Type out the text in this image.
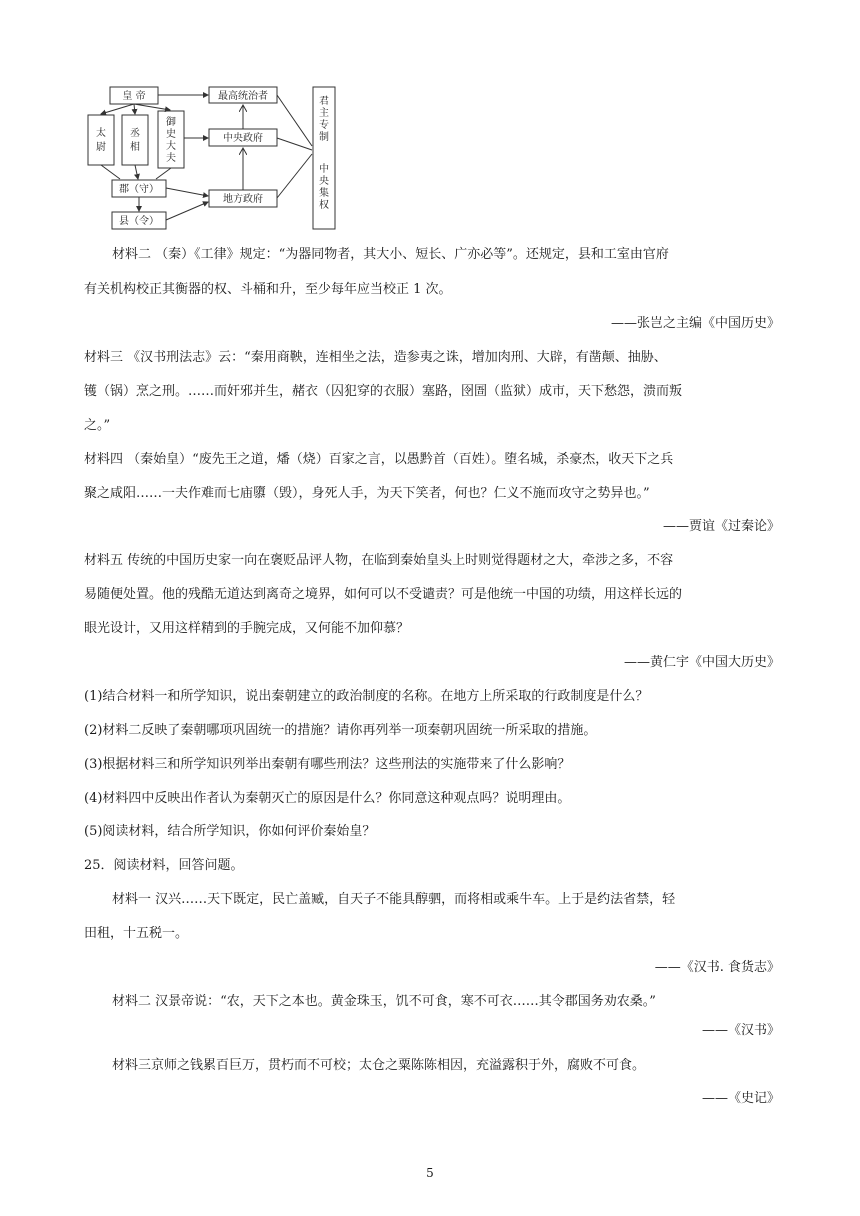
皇 帝
郡（守）
县（令）
最高统治者
中央政府
地方政府
太
尉
丞
相
御
史
大
夫
君
主
专
制
中
央
集
权
材料二 （秦）《工律》规定：“为器同物者，其大小、短长、广亦必等”。还规定，县和工室由官府
有关机构校正其衡器的权、斗桶和升，至少每年应当校正 1 次。
——张岂之主编《中国历史》
材料三 《汉书刑法志》云：“秦用商鞅，连相坐之法，造参夷之诛，增加肉刑、大辟，有凿颠、抽胁、
镬（锅）烹之刑。……而奸邪并生，赭衣（囚犯穿的衣服）塞路，囹圄（监狱）成市，天下愁怨，溃而叛
之。”
材料四 （秦始皇）“废先王之道，燔（烧）百家之言，以愚黔首（百姓）。堕名城，杀豪杰，收天下之兵
聚之咸阳……一夫作难而七庙隳（毁），身死人手，为天下笑者，何也？仁义不施而攻守之势异也。”
——贾谊《过秦论》
材料五 传统的中国历史家一向在褒贬品评人物，在临到秦始皇头上时则觉得题材之大，牵涉之多，不容
易随便处置。他的残酷无道达到离奇之境界，如何可以不受谴责？可是他统一中国的功绩，用这样长远的
眼光设计，又用这样精到的手腕完成，又何能不加仰慕？
——黄仁宇《中国大历史》
(1)结合材料一和所学知识，说出秦朝建立的政治制度的名称。在地方上所采取的行政制度是什么？
(2)材料二反映了秦朝哪项巩固统一的措施？请你再列举一项秦朝巩固统一所采取的措施。
(3)根据材料三和所学知识列举出秦朝有哪些刑法？这些刑法的实施带来了什么影响？
(4)材料四中反映出作者认为秦朝灭亡的原因是什么？你同意这种观点吗？说明理由。
(5)阅读材料，结合所学知识，你如何评价秦始皇？
25．阅读材料，回答问题。
材料一 汉兴……天下既定，民亡盖臧，自天子不能具醇驷，而将相或乘牛车。上于是约法省禁，轻
田租，十五税一。
——《汉书. 食货志》
材料二 汉景帝说：“农，天下之本也。黄金珠玉，饥不可食，寒不可衣……其令郡国务劝农桑。”
——《汉书》
材料三京师之钱累百巨万，贯朽而不可校；太仓之粟陈陈相因，充溢露积于外，腐败不可食。
——《史记》
5
